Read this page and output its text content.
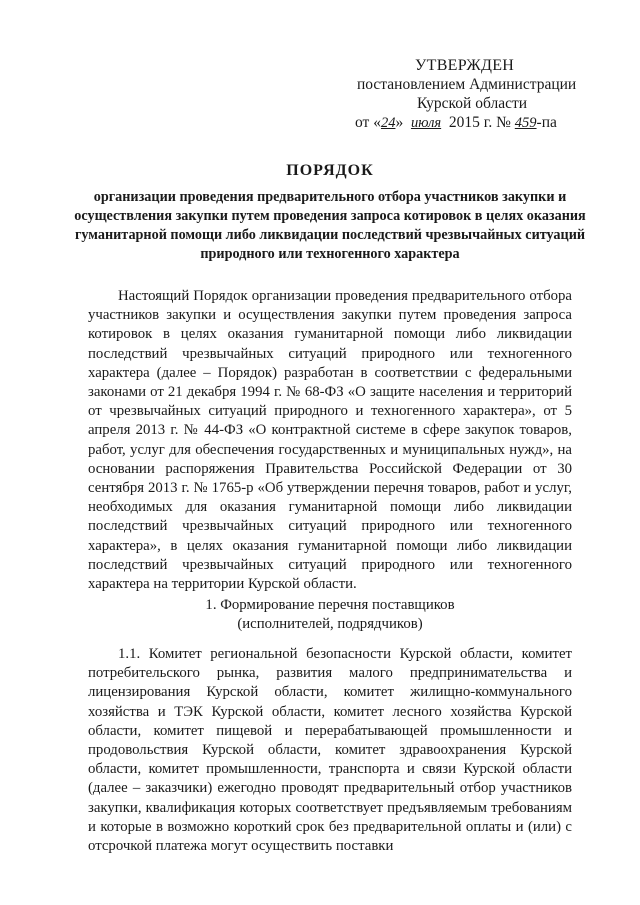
УТВЕРЖДЕН
постановлением Администрации
Курской области
от «24» июля 2015 г. № 459-па
ПОРЯДОК
организации проведения предварительного отбора участников закупки и осуществления закупки путем проведения запроса котировок в целях оказания гуманитарной помощи либо ликвидации последствий чрезвычайных ситуаций природного или техногенного характера

Настоящий Порядок организации проведения предварительного отбора участников закупки и осуществления закупки путем проведения запроса котировок в целях оказания гуманитарной помощи либо ликвидации последствий чрезвычайных ситуаций природного или техногенного характера (далее – Порядок) разработан в соответствии с федеральными законами от 21 декабря 1994 г. № 68-ФЗ «О защите населения и территорий от чрезвычайных ситуаций природного и техногенного характера», от 5 апреля 2013 г. № 44-ФЗ «О контрактной системе в сфере закупок товаров, работ, услуг для обеспечения государственных и муниципальных нужд», на основании распоряжения Правительства Российской Федерации от 30 сентября 2013 г. № 1765-р «Об утверждении перечня товаров, работ и услуг, необходимых для оказания гуманитарной помощи либо ликвидации последствий чрезвычайных ситуаций природного или техногенного характера», в целях оказания гуманитарной помощи либо ликвидации последствий чрезвычайных ситуаций природного или техногенного характера на территории Курской области.

1. Формирование перечня поставщиков
(исполнителей, подрядчиков)

1.1. Комитет региональной безопасности Курской области, комитет потребительского рынка, развития малого предпринимательства и лицензирования Курской области, комитет жилищно-коммунального хозяйства и ТЭК Курской области, комитет лесного хозяйства Курской области, комитет пищевой и перерабатывающей промышленности и продовольствия Курской области, комитет здравоохранения Курской области, комитет промышленности, транспорта и связи Курской области (далее – заказчики) ежегодно проводят предварительный отбор участников закупки, квалификация которых соответствует предъявляемым требованиям и которые в возможно короткий срок без предварительной оплаты и (или) с отсрочкой платежа могут осуществить поставки
